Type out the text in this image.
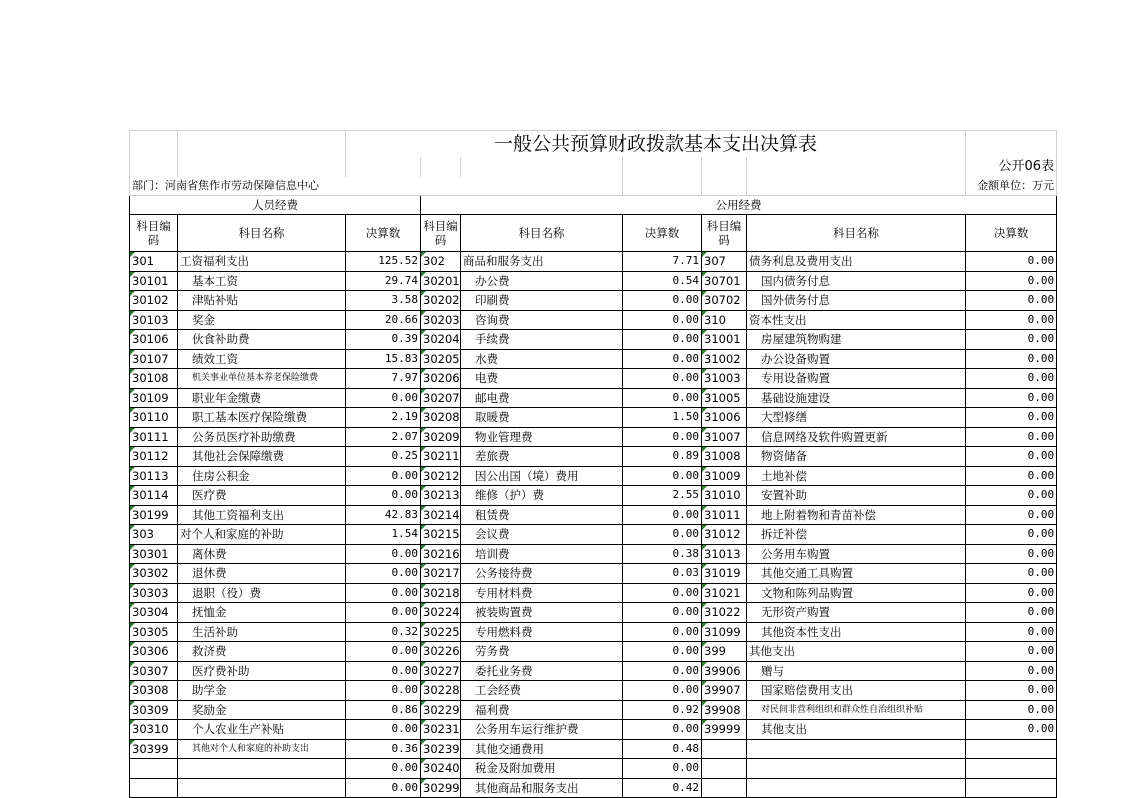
		一般公共预算财政拨款基本支出决算表						
								公开06表
部门：河南省焦作市劳动保障信息中心								金额单位：万元
人员经费			公用经费					
科目编码	科目名称	决算数	科目编码	科目名称	决算数	科目编码	科目名称	决算数
301	工资福利支出	125.52	302	商品和服务支出	7.71	307	债务利息及费用支出	0.00
30101	基本工资	29.74	30201	办公费	0.54	30701	国内债务付息	0.00
30102	津贴补贴	3.58	30202	印刷费	0.00	30702	国外债务付息	0.00
30103	奖金	20.66	30203	咨询费	0.00	310	资本性支出	0.00
30106	伙食补助费	0.39	30204	手续费	0.00	31001	房屋建筑物购建	0.00
30107	绩效工资	15.83	30205	水费	0.00	31002	办公设备购置	0.00
30108	机关事业单位基本养老保险缴费	7.97	30206	电费	0.00	31003	专用设备购置	0.00
30109	职业年金缴费	0.00	30207	邮电费	0.00	31005	基础设施建设	0.00
30110	职工基本医疗保险缴费	2.19	30208	取暖费	1.50	31006	大型修缮	0.00
30111	公务员医疗补助缴费	2.07	30209	物业管理费	0.00	31007	信息网络及软件购置更新	0.00
30112	其他社会保障缴费	0.25	30211	差旅费	0.89	31008	物资储备	0.00
30113	住房公积金	0.00	30212	因公出国（境）费用	0.00	31009	土地补偿	0.00
30114	医疗费	0.00	30213	维修（护）费	2.55	31010	安置补助	0.00
30199	其他工资福利支出	42.83	30214	租赁费	0.00	31011	地上附着物和青苗补偿	0.00
303	对个人和家庭的补助	1.54	30215	会议费	0.00	31012	拆迁补偿	0.00
30301	离休费	0.00	30216	培训费	0.38	31013	公务用车购置	0.00
30302	退休费	0.00	30217	公务接待费	0.03	31019	其他交通工具购置	0.00
30303	退职（役）费	0.00	30218	专用材料费	0.00	31021	文物和陈列品购置	0.00
30304	抚恤金	0.00	30224	被装购置费	0.00	31022	无形资产购置	0.00
30305	生活补助	0.32	30225	专用燃料费	0.00	31099	其他资本性支出	0.00
30306	救济费	0.00	30226	劳务费	0.00	399	其他支出	0.00
30307	医疗费补助	0.00	30227	委托业务费	0.00	39906	赠与	0.00
30308	助学金	0.00	30228	工会经费	0.00	39907	国家赔偿费用支出	0.00
30309	奖励金	0.86	30229	福利费	0.92	39908	对民间非营利组织和群众性自治组织补贴	0.00
30310	个人农业生产补贴	0.00	30231	公务用车运行维护费	0.00	39999	其他支出	0.00
30399	其他对个人和家庭的补助支出	0.36	30239	其他交通费用	0.48			
		0.00	30240	税金及附加费用	0.00			
		0.00	30299	其他商品和服务支出	0.42			
